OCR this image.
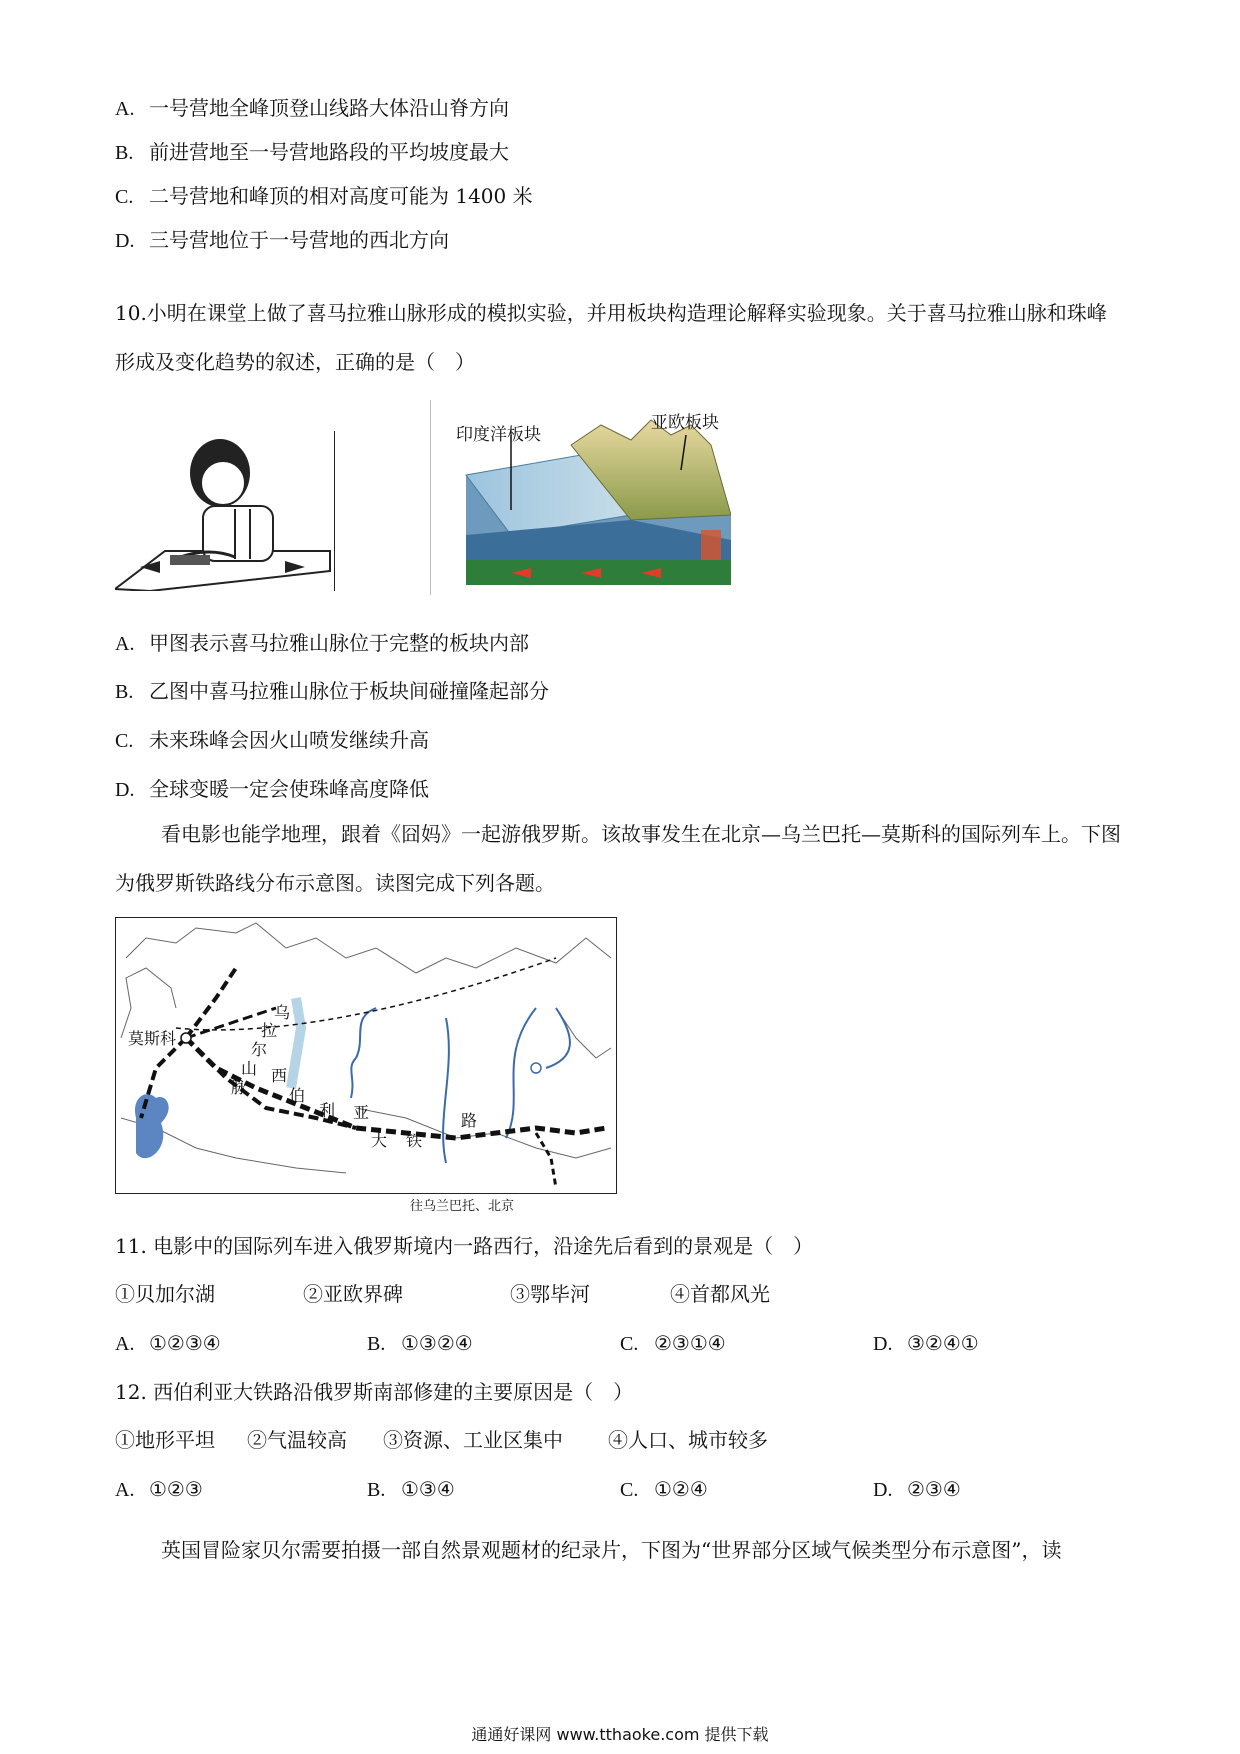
A. 一号营地全峰顶登山线路大体沿山脊方向
B. 前进营地至一号营地路段的平均坡度最大
C. 二号营地和峰顶的相对高度可能为 1400 米
D. 三号营地位于一号营地的西北方向
10.小明在课堂上做了喜马拉雅山脉形成的模拟实验，并用板块构造理论解释实验现象。关于喜马拉雅山脉和珠峰形成及变化趋势的叙述，正确的是（　）
印度洋板块
亚欧板块
A. 甲图表示喜马拉雅山脉位于完整的板块内部
B. 乙图中喜马拉雅山脉位于板块间碰撞隆起部分
C. 未来珠峰会因火山喷发继续升高
D. 全球变暖一定会使珠峰高度降低
看电影也能学地理，跟着《囧妈》一起游俄罗斯。该故事发生在北京—乌兰巴托—莫斯科的国际列车上。下图为俄罗斯铁路线分布示意图。读图完成下列各题。
莫斯科
乌
拉
尔
山
脉
西
伯
利 亚
大 铁
路
往乌兰巴托、北京
11. 电影中的国际列车进入俄罗斯境内一路西行，沿途先后看到的景观是（　）
①贝加尔湖	②亚欧界碑	③鄂毕河	④首都风光
A. ①②③④	B. ①③②④	C. ②③①④	D. ③②④①
12. 西伯利亚大铁路沿俄罗斯南部修建的主要原因是（　）
①地形平坦 ②气温较高 ③资源、工业区集中 ④人口、城市较多
A. ①②③	B. ①③④	C. ①②④	D. ②③④
英国冒险家贝尔需要拍摄一部自然景观题材的纪录片，下图为“世界部分区域气候类型分布示意图”，读
通通好课网 www.tthaoke.com 提供下载
